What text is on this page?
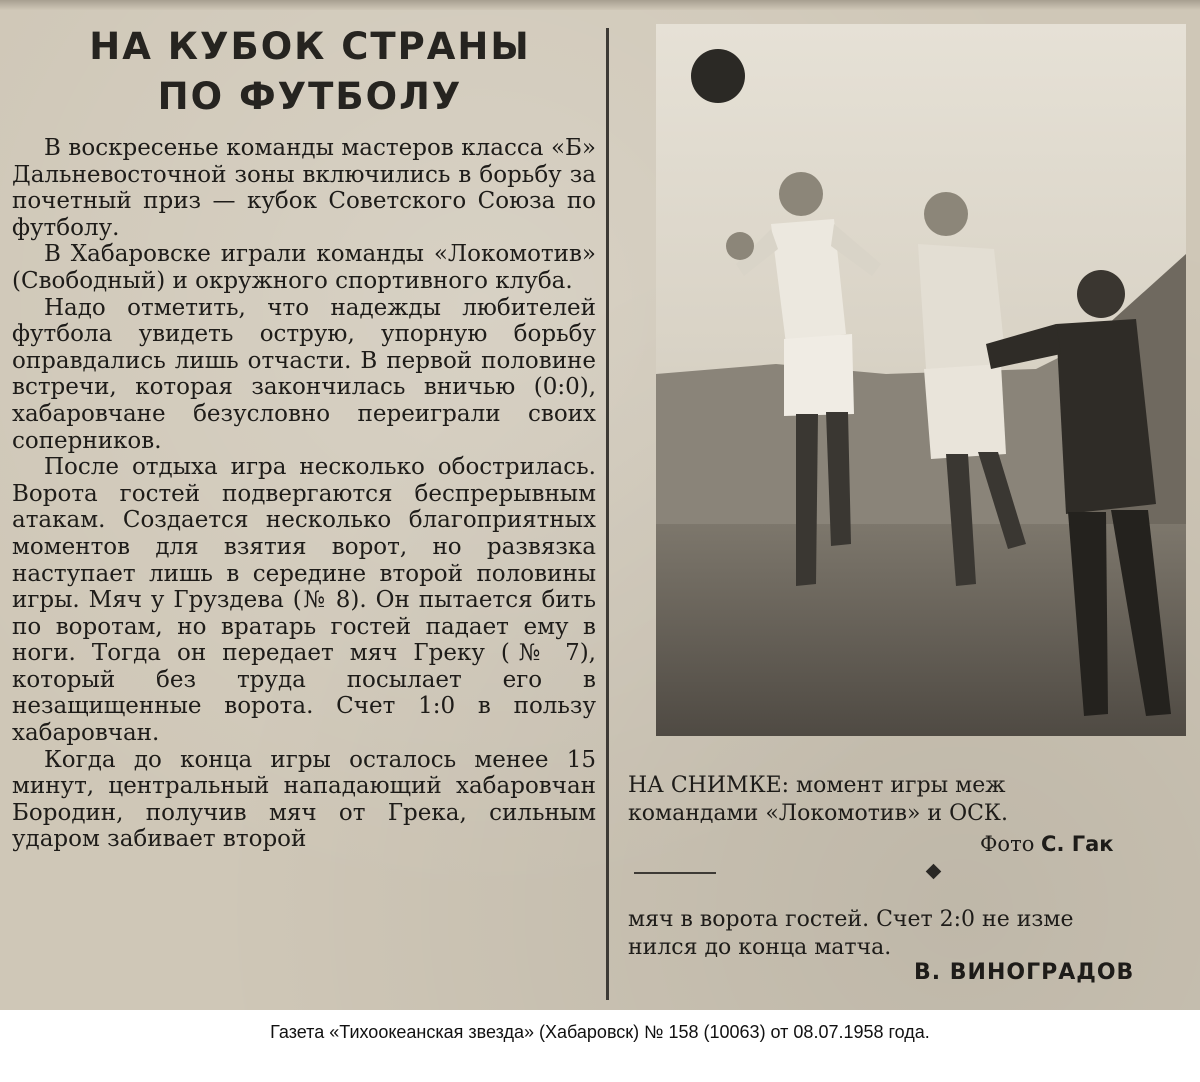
НА КУБОК СТРАНЫ
ПО ФУТБОЛУ

В воскресенье команды мастеров класса «Б» Дальневосточной зоны включились в борьбу за почетный приз — кубок Советского Союза по футболу.

В Хабаровске играли команды «Локомотив» (Свободный) и окружного спортивного клуба.

Надо отметить, что надежды любителей футбола увидеть острую, упорную борьбу оправдались лишь отчасти. В первой половине встречи, которая закончилась вничью (0:0), хабаровчане безусловно переиграли своих соперников.

После отдыха игра несколько обострилась. Ворота гостей подвергаются беспрерывным атакам. Создается несколько благоприятных моментов для взятия ворот, но развязка наступает лишь в середине второй половины игры. Мяч у Груздева (№ 8). Он пытается бить по воротам, но вратарь гостей падает ему в ноги. Тогда он передает мяч Греку (№ 7), который без труда посылает его в незащищенные ворота. Счет 1:0 в пользу хабаровчан.

Когда до конца игры осталось менее 15 минут, центральный нападающий хабаровчан Бородин, получив мяч от Грека, сильным ударом забивает второй

НА СНИМКЕ: момент игры меж
командами «Локомотив» и ОСК.
Фото С. Гак
мяч в ворота гостей. Счет 2:0 не изме
нился до конца матча.
В. ВИНОГРАДОВ
Газета «Тихоокеанская звезда» (Хабаровск) № 158 (10063) от 08.07.1958 года.
